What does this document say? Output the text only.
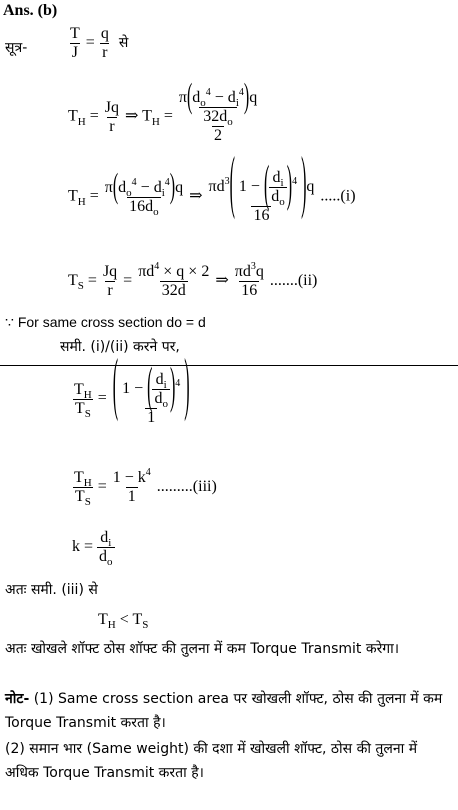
Ans. (b)
सूत्र-	$\frac{T}{J} = \frac{q}{r}$ से
$T_H = \frac{Jq}{r}$ ⇒ $T_H = \frac{\pi(d_o^4 - d_i^4)q}{\frac{32d_o}{2}}$
$T_H = \frac{\pi(d_o^4 - d_i^4)q}{16d_o}$ ⇒ $\frac{\pi d^3( 1 - ( \frac{d_i}{d_o} )^4 )q}{16} .....(i)$
$T_S = \frac{Jq}{r} = \frac{\pi d^4 \times q \times 2}{32d}$ ⇒ $\frac{\pi d^3q}{16} .......(ii)$
∵ For same cross section do = d
समी. (i)/(ii) करने पर,
$\frac{T_H}{T_S} = \frac{( 1 - ( \frac{d_i}{d_o} )^4 )}{1}$
$\frac{T_H}{T_S} = \frac{1 - k^4}{1} .........(iii)$
$k = \frac{d_i}{d_o}$
अतः समी. (iii) से
$T_H < T_S$
अतः खोखले शॉफ्ट ठोस शॉफ्ट की तुलना में कम Torque Transmit करेगा।
नोट- (1) Same cross section area पर खोखली शॉफ्ट, ठोस की तुलना में कम Torque Transmit करता है।
(2) समान भार (Same weight) की दशा में खोखली शॉफ्ट, ठोस की तुलना में अधिक Torque Transmit करता है।
